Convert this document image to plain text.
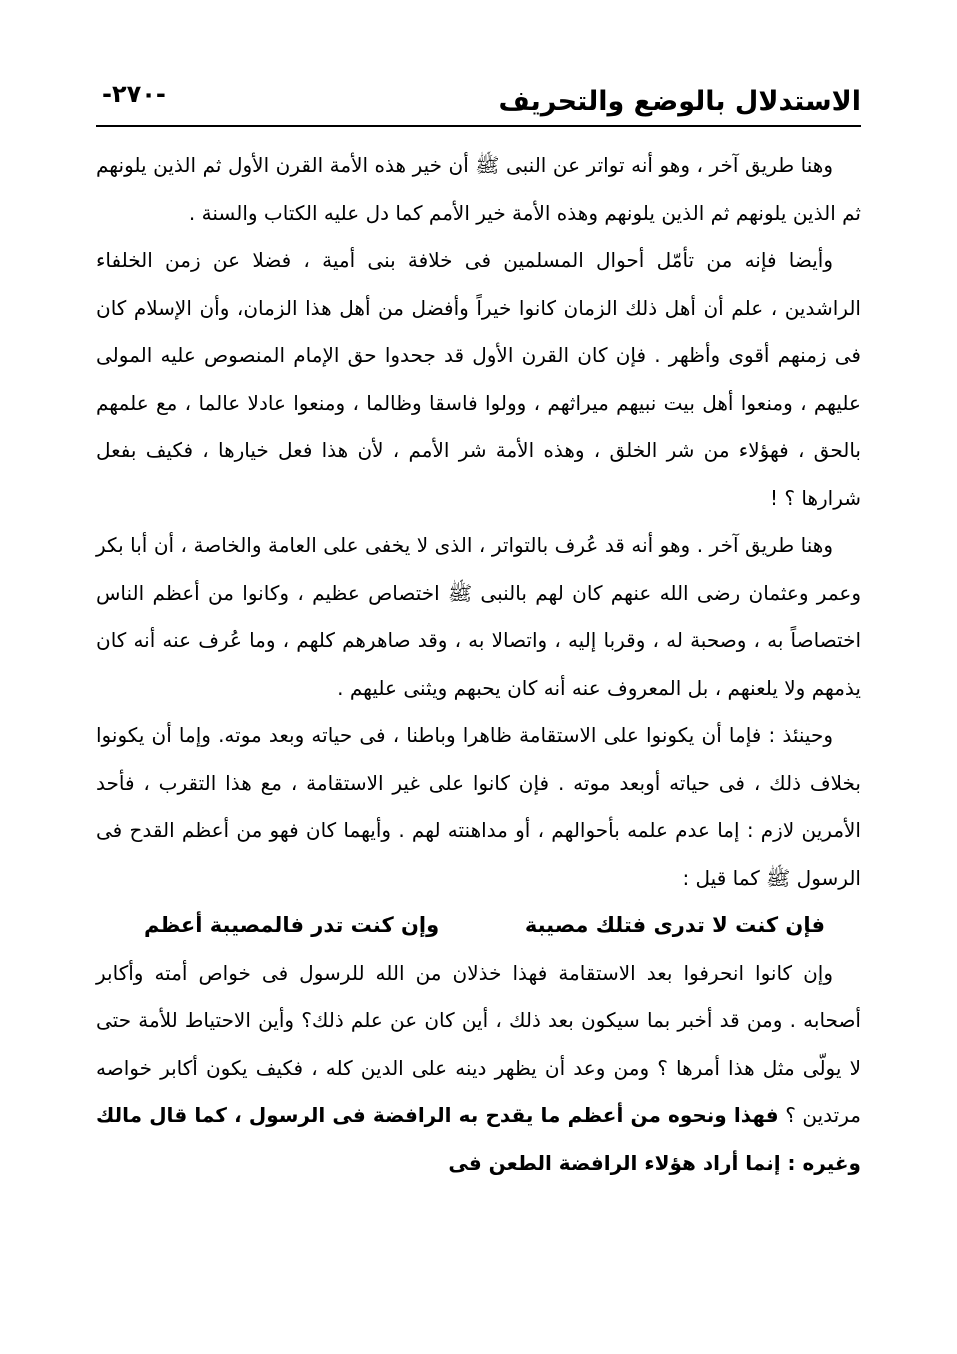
الاستدلال بالوضع والتحريف
-٢٧٠-

وهنا طريق آخر ، وهو أنه تواتر عن النبى ﷺ أن خير هذه الأمة القرن الأول ثم الذين يلونهم ثم الذين يلونهم ثم الذين يلونهم وهذه الأمة خير الأمم كما دل عليه الكتاب والسنة .

وأيضا فإنه من تأمّل أحوال المسلمين فى خلافة بنى أمية ، فضلا عن زمن الخلفاء الراشدين ، علم أن أهل ذلك الزمان كانوا خيراً وأفضل من أهل هذا الزمان، وأن الإسلام كان فى زمنهم أقوى وأظهر . فإن كان القرن الأول قد جحدوا حق الإمام المنصوص عليه المولى عليهم ، ومنعوا أهل بيت نبيهم ميراثهم ، وولوا فاسقا وظالما ، ومنعوا عادلا عالما ، مع علمهم بالحق ، فهؤلاء من شر الخلق ، وهذه الأمة شر الأمم ، لأن هذا فعل خيارها ، فكيف بفعل شرارها ؟ !

وهنا طريق آخر . وهو أنه قد عُرف بالتواتر ، الذى لا يخفى على العامة والخاصة ، أن أبا بكر وعمر وعثمان رضى الله عنهم كان لهم بالنبى ﷺ اختصاص عظيم ، وكانوا من أعظم الناس اختصاصاً به ، وصحبة له ، وقربا إليه ، واتصالا به ، وقد صاهرهم كلهم ، وما عُرف عنه أنه كان يذمهم ولا يلعنهم ، بل المعروف عنه أنه كان يحبهم ويثنى عليهم .

وحينئذ : فإما أن يكونوا على الاستقامة ظاهرا وباطنا ، فى حياته وبعد موته. وإما أن يكونوا بخلاف ذلك ، فى حياته أوبعد موته . فإن كانوا على غير الاستقامة ، مع هذا التقرب ، فأحد الأمرين لازم : إما عدم علمه بأحوالهم ، أو مداهنته لهم . وأيهما كان فهو من أعظم القدح فى الرسول ﷺ كما قيل :

فإن كنت لا تدرى فتلك مصيبة
وإن كنت تدر فالمصيبة أعظم

وإن كانوا انحرفوا بعد الاستقامة فهذا خذلان من الله للرسول فى خواص أمته وأكابر أصحابه . ومن قد أخبر بما سيكون بعد ذلك ، أين كان عن علم ذلك؟ وأين الاحتياط للأمة حتى لا يولّى مثل هذا أمرها ؟ ومن وعد أن يظهر دينه على الدين كله ، فكيف يكون أكابر خواصه مرتدين ؟ فهذا ونحوه من أعظم ما يقدح به الرافضة فى الرسول ، كما قال مالك وغيره : إنما أراد هؤلاء الرافضة الطعن فى
